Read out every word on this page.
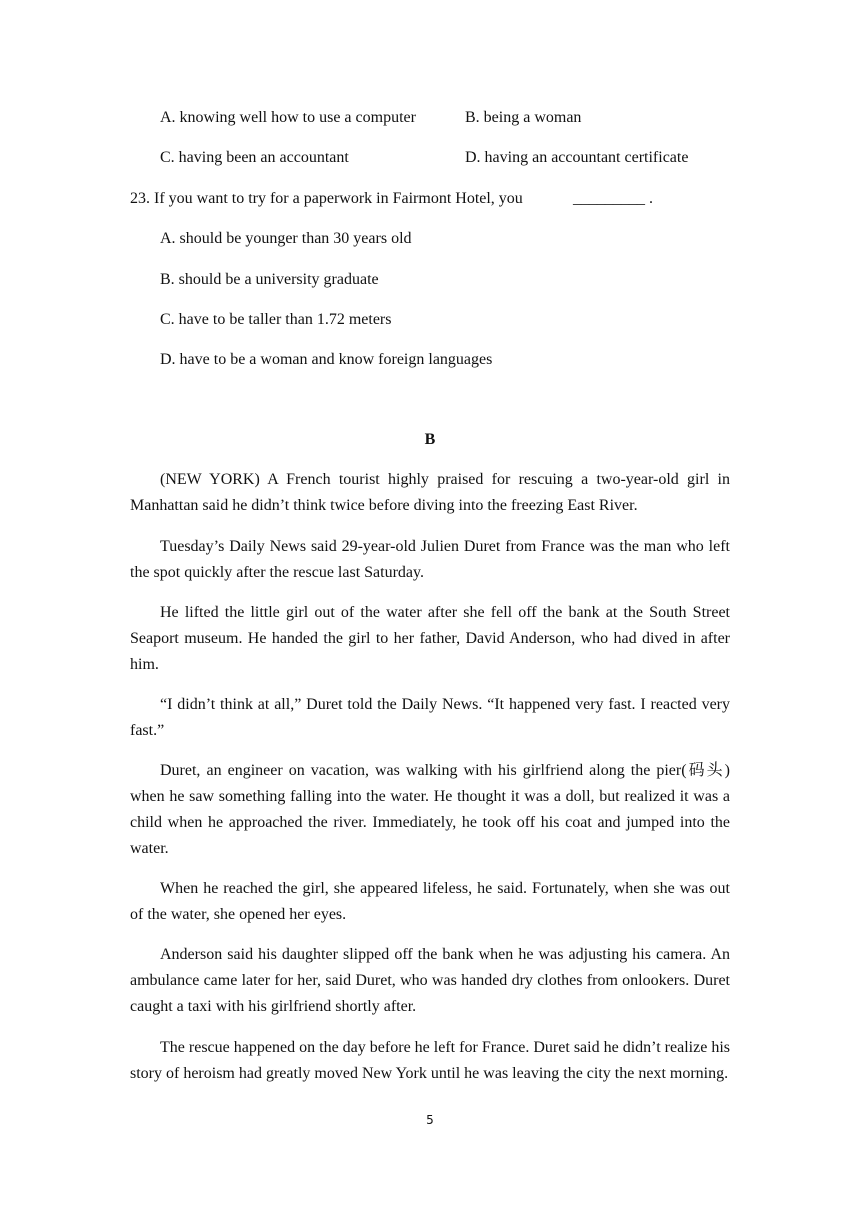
A. knowing well how to use a computer	B. being a woman
C. having been an accountant	D. having an accountant certificate
23. If you want to try for a paperwork in Fairmont Hotel, you	_________ .
A. should be younger than 30 years old
B. should be a university graduate
C. have to be taller than 1.72 meters
D. have to be a woman and know foreign languages
B

(NEW YORK) A French tourist highly praised for rescuing a two-year-old girl in Manhattan said he didn’t think twice before diving into the freezing East River.

Tuesday’s Daily News said 29-year-old Julien Duret from France was the man who left the spot quickly after the rescue last Saturday.

He lifted the little girl out of the water after she fell off the bank at the South Street Seaport museum. He handed the girl to her father, David Anderson, who had dived in after him.

“I didn’t think at all,” Duret told the Daily News. “It happened very fast. I reacted very fast.”

Duret, an engineer on vacation, was walking with his girlfriend along the pier(码头) when he saw something falling into the water. He thought it was a doll, but realized it was a child when he approached the river. Immediately, he took off his coat and jumped into the water.

When he reached the girl, she appeared lifeless, he said. Fortunately, when she was out of the water, she opened her eyes.

Anderson said his daughter slipped off the bank when he was adjusting his camera. An ambulance came later for her, said Duret, who was handed dry clothes from onlookers. Duret caught a taxi with his girlfriend shortly after.

The rescue happened on the day before he left for France. Duret said he didn’t realize his story of heroism had greatly moved New York until he was leaving the city the next morning.

5
